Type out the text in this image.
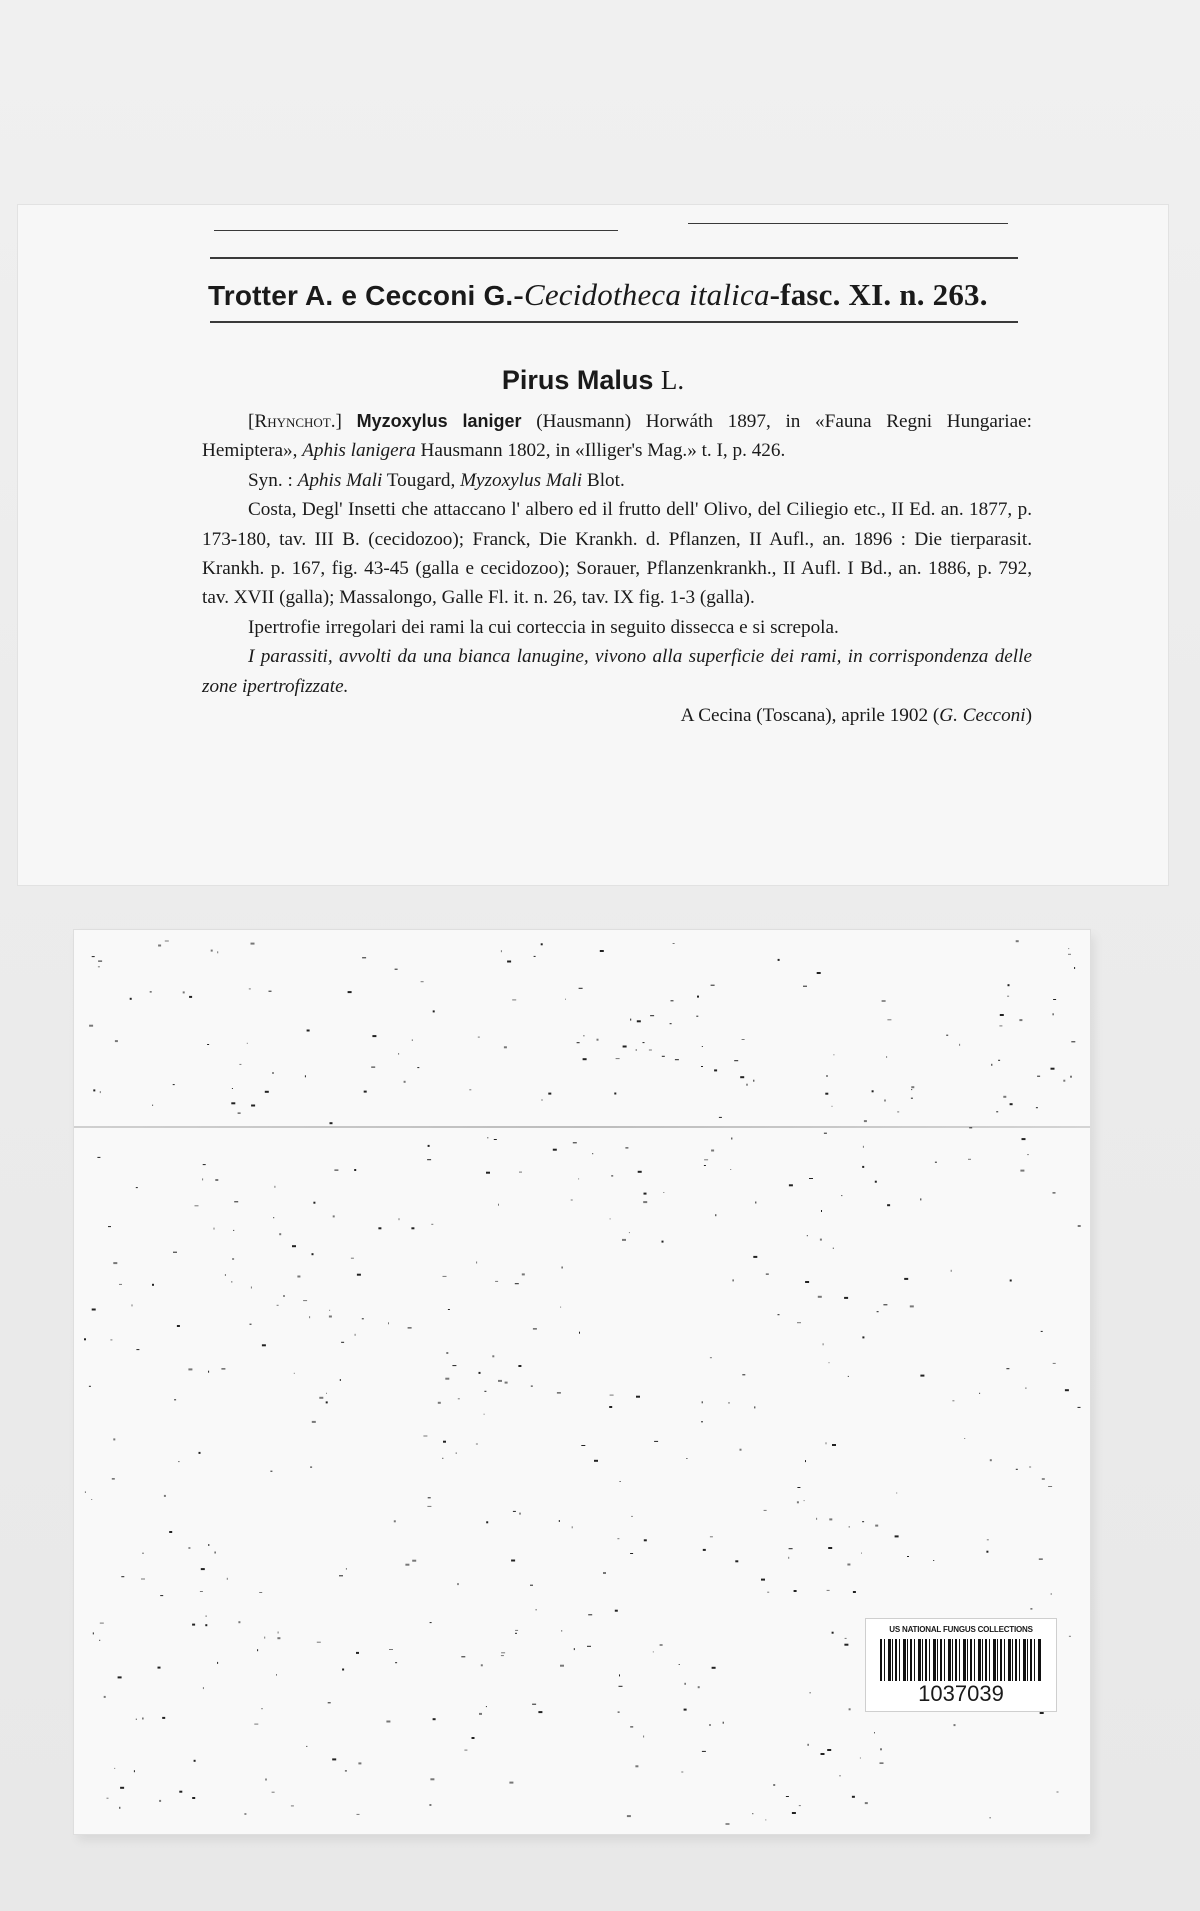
Trotter A. e Cecconi G.-Cecidotheca italica-fasc. XI. n. 263.
Pirus Malus L.

[Rhynchot.] Myzoxylus laniger (Hausmann) Horwáth 1897, in «Fauna Regni Hungariae: Hemiptera», Aphis lanigera Hausmann 1802, in «Illiger's Mag.» t. I, p. 426.

Syn. : Aphis Mali Tougard, Myzoxylus Mali Blot.

Costa, Degl' Insetti che attaccano l' albero ed il frutto dell' Olivo, del Ciliegio etc., II Ed. an. 1877, p. 173-180, tav. III B. (cecidozoo); Franck, Die Krankh. d. Pflanzen, II Aufl., an. 1896 : Die tierparasit. Krankh. p. 167, fig. 43-45 (galla e cecidozoo); Sorauer, Pflanzenkrankh., II Aufl. I Bd., an. 1886, p. 792, tav. XVII (galla); Massalongo, Galle Fl. it. n. 26, tav. IX fig. 1-3 (galla).

Ipertrofie irregolari dei rami la cui corteccia in seguito dissecca e si screpola.

I parassiti, avvolti da una bianca lanugine, vivono alla superficie dei rami, in corrispondenza delle zone ipertrofizzate.

A Cecina (Toscana), aprile 1902 (G. Cecconi)

US NATIONAL FUNGUS COLLECTIONS
1037039
